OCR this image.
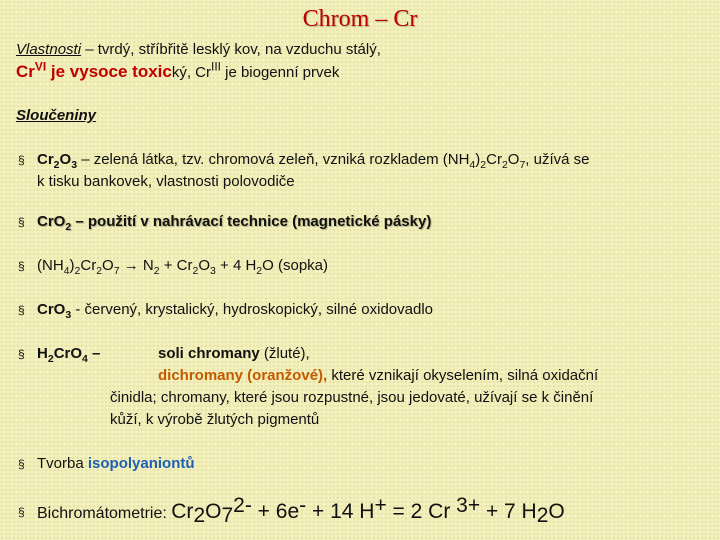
Chrom – Cr
Vlastnosti – tvrdý, stříbřitě lesklý kov, na vzduchu stálý,
$Cr^{VI}$ je vysoce toxický, $Cr^{III}$ je biogenní prvek
Sloučeniny
§ $Cr_2O_3$ – zelená látka, tzv. chromová zeleň, vzniká rozkladem $(NH_4)_2Cr_2O_7$, užívá se
k tisku bankovek, vlastnosti polovodiče
§ CrO$_2$ – použití v nahrávací technice (magnetické pásky)
§ $(NH_4)_2Cr_2O_7 \to N_2 + Cr_2O_3 + 4$ $H_2O$ (sopka)
§ CrO$_3$ - červený, krystalický, hydroskopický, silné oxidovadlo
§ $H_2CrO_4$ –	soli chromany (žluté),
dichromany (oranžové), které vznikají okyselením, silná oxidační
činidla; chromany, které jsou rozpustné, jsou jedovaté, užívají se k činění
kůží, k výrobě žlutých pigmentů
§ Tvorba isopolyaniontů
§ Bichromátometrie: $Cr_2O_7^{2-} + 6e^- + 14$ H+ = 2 Cr $^{3+}$ + 7 $H_2O$
